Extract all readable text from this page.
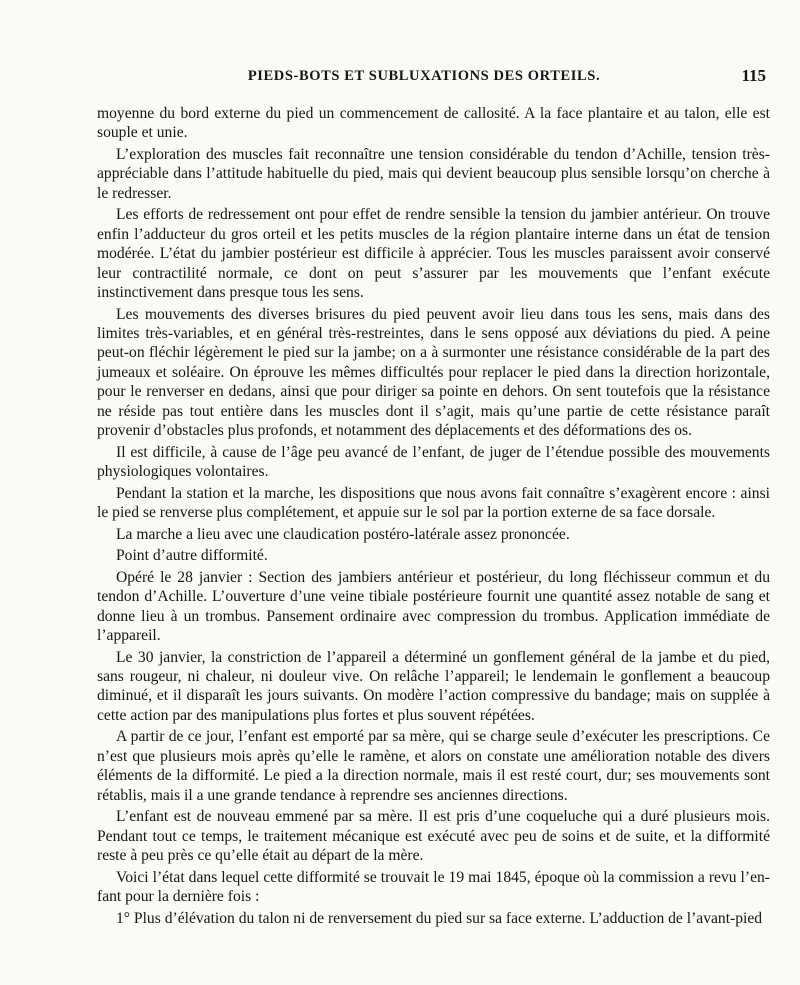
PIEDS-BOTS ET SUBLUXATIONS DES ORTEILS.	115

moyenne du bord externe du pied un commencement de callosité. A la face plantaire et au talon, elle est souple et unie.

L’exploration des muscles fait reconnaître une tension considérable du tendon d’Achille, tension très-appréciable dans l’attitude habituelle du pied, mais qui devient beaucoup plus sensible lorsqu’on cherche à le redresser.

Les efforts de redressement ont pour effet de rendre sensible la tension du jambier antérieur. On trouve enfin l’adducteur du gros orteil et les petits muscles de la région plantaire interne dans un état de tension modérée. L’état du jambier postérieur est difficile à apprécier. Tous les muscles paraissent avoir conservé leur contractilité normale, ce dont on peut s’assurer par les mouvements que l’enfant exécute instinctivement dans presque tous les sens.

Les mouvements des diverses brisures du pied peuvent avoir lieu dans tous les sens, mais dans des limites très-variables, et en général très-restreintes, dans le sens opposé aux déviations du pied. A peine peut-on fléchir légèrement le pied sur la jambe; on a à surmonter une résistance considérable de la part des jumeaux et soléaire. On éprouve les mêmes difficultés pour replacer le pied dans la direction horizontale, pour le renverser en dedans, ainsi que pour diriger sa pointe en dehors. On sent toutefois que la résistance ne réside pas tout entière dans les muscles dont il s’agit, mais qu’une partie de cette résistance paraît provenir d’obstacles plus profonds, et notamment des déplacements et des déformations des os.

Il est difficile, à cause de l’âge peu avancé de l’enfant, de juger de l’étendue possible des mouvements physiologiques volontaires.

Pendant la station et la marche, les dispositions que nous avons fait connaître s’exagèrent encore : ainsi le pied se renverse plus complétement, et appuie sur le sol par la portion externe de sa face dorsale.

La marche a lieu avec une claudication postéro-latérale assez prononcée.

Point d’autre difformité.

Opéré le 28 janvier : Section des jambiers antérieur et postérieur, du long fléchisseur commun et du tendon d’Achille. L’ouverture d’une veine tibiale postérieure fournit une quantité assez notable de sang et donne lieu à un trombus. Pansement ordinaire avec compression du trombus. Application immédiate de l’appareil.

Le 30 janvier, la constriction de l’appareil a déterminé un gonflement général de la jambe et du pied, sans rougeur, ni chaleur, ni douleur vive. On relâche l’appareil; le lendemain le gonflement a beaucoup diminué, et il disparaît les jours suivants. On modère l’action compressive du bandage; mais on supplée à cette action par des manipulations plus fortes et plus souvent répétées.

A partir de ce jour, l’enfant est emporté par sa mère, qui se charge seule d’exécuter les prescriptions. Ce n’est que plusieurs mois après qu’elle le ramène, et alors on constate une amélioration notable des divers éléments de la difformité. Le pied a la direction normale, mais il est resté court, dur; ses mouvements sont rétablis, mais il a une grande tendance à reprendre ses anciennes directions.

L’enfant est de nouveau emmené par sa mère. Il est pris d’une coqueluche qui a duré plusieurs mois. Pendant tout ce temps, le traitement mécanique est exécuté avec peu de soins et de suite, et la difformité reste à peu près ce qu’elle était au départ de la mère.

Voici l’état dans lequel cette difformité se trouvait le 19 mai 1845, époque où la commission a revu l’enfant pour la dernière fois :

1° Plus d’élévation du talon ni de renversement du pied sur sa face externe. L’adduction de l’avant-pied
